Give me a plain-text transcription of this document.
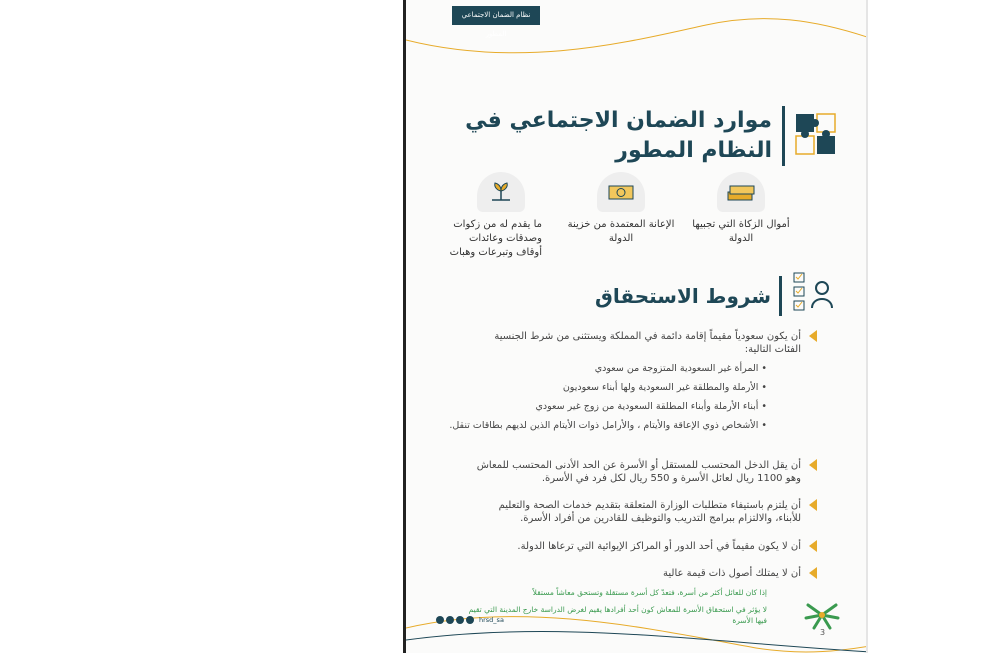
نظام الضمان الاجتماعي المطور
موارد الضمان الاجتماعي في النظام المطور
أموال الزكاة التي تجبيها الدولة
الإعانة المعتمدة من خزينة الدولة
ما يقدم له من زكوات وصدقات وعائدات أوقاف وتبرعات وهبات
شروط الاستحقاق
أن يكون سعودياً مقيماً إقامة دائمة في المملكة ويستثنى من شرط الجنسية الفئات التالية:
• المرأة غير السعودية المتزوجة من سعودي
• الأرملة والمطلقة غير السعودية ولها أبناء سعوديون
• أبناء الأرملة وأبناء المطلقة السعودية من زوج غير سعودي
• الأشخاص ذوي الإعاقة والأيتام ، والأرامل ذوات الأيتام الذين لديهم بطاقات تنقل.
أن يقل الدخل المحتسب للمستقل أو الأسرة عن الحد الأدنى المحتسب للمعاش وهو 1100 ريال لعائل الأسرة و 550 ريال لكل فرد في الأسرة.
أن يلتزم باستيفاء متطلبات الوزارة المتعلقة بتقديم خدمات الصحة والتعليم للأبناء، والالتزام ببرامج التدريب والتوظيف للقادرين من أفراد الأسرة.
أن لا يكون مقيماً في أحد الدور أو المراكز الإيوائية التي ترعاها الدولة.
أن لا يمتلك أصول ذات قيمة عالية
إذا كان للعائل أكثر من أسرة، فتعدّ كل أسرة مستقلة وتستحق معاشاً مستقلاً
لا يؤثر في استحقاق الأسرة للمعاش كون أحد أفرادها يقيم لغرض الدراسة خارج المدينة التي تقيم فيها الأسرة
hrsd_sa
3
